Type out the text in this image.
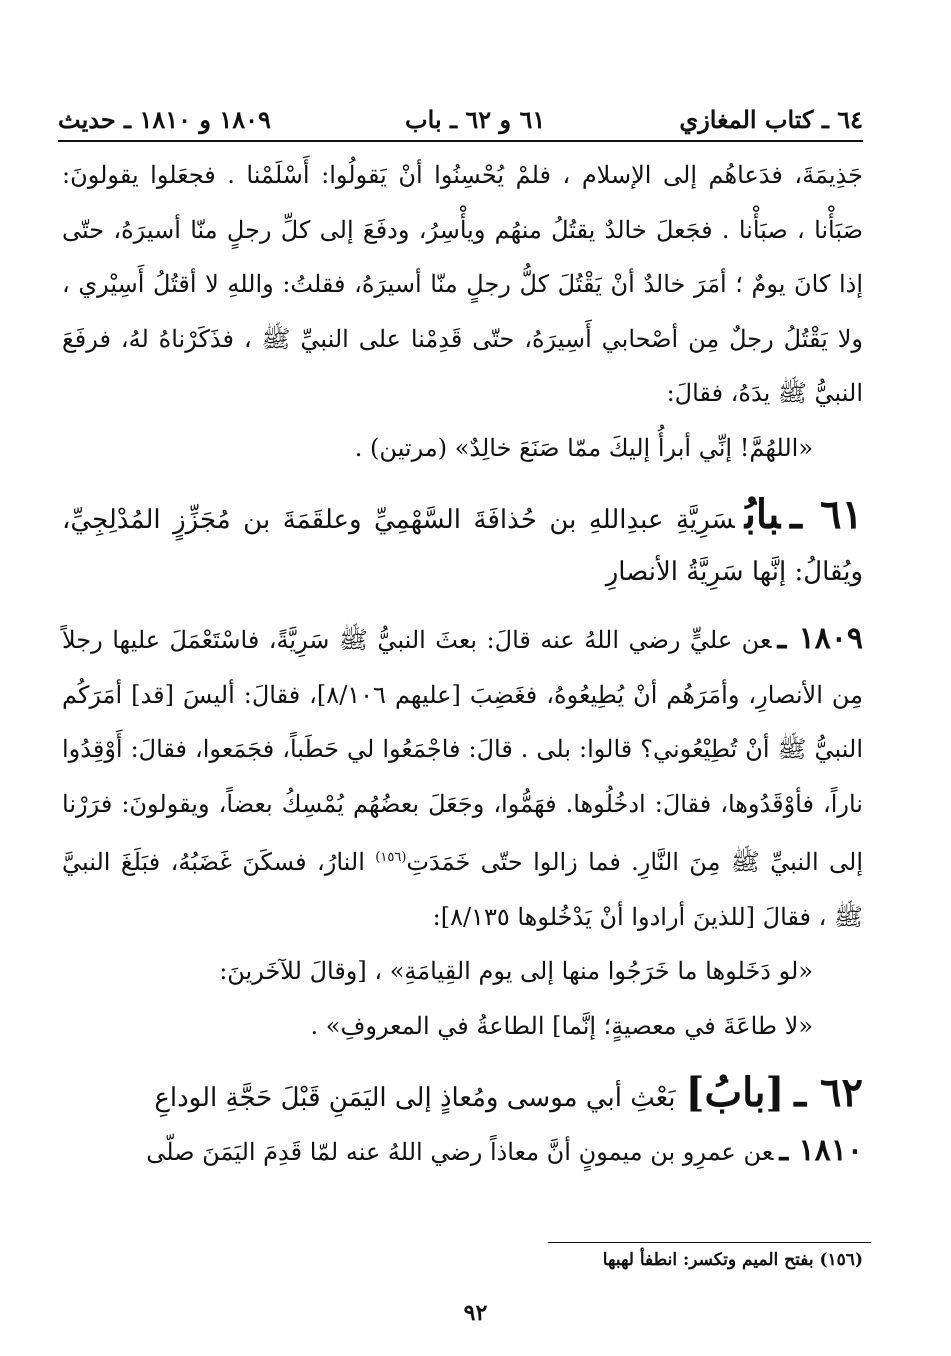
٦٤ ـ كتاب المغازي
٦١ و ٦٢ ـ باب
١٨٠٩ و ١٨١٠ ـ حديث

جَذِيمَةَ، فدَعاهُم إلى الإسلام ، فلمْ يُحْسِنُوا أنْ يَقولُوا: أَسْلَمْنا . فجعَلوا يقولونَ: صَبَأْنا ، صبَأْنا . فجَعلَ خالدٌ يقتُلُ منهُم ويأْسِرُ، ودفَعَ إلى كلِّ رجلٍ منّا أسيرَهُ، حتّى إذا كانَ يومٌ ؛ أمَرَ خالدٌ أنْ يَقْتُلَ كلُّ رجلٍ منّا أسيرَهُ، فقلتُ: واللهِ لا أقتُلُ أَسِيْري ، ولا يَقْتُلُ رجلٌ مِن أصْحابي أَسِيرَهُ، حتّى قَدِمْنا على النبيِّ ﷺ ، فذَكَرْناهُ لهُ، فرفَعَ النبيُّ ﷺ يدَهُ، فقالَ:

«اللهُمَّ! إنِّي أبرأُ إليكَ ممّا صَنَعَ خالِدٌ» (مرتين) .

٦١ ـبابُسَرِيَّةِ عبدِاللهِ بن حُذافَةَ السَّهْمِيِّ وعلقَمَةَ بن مُجَزِّزٍ المُدْلِجِيِّ، ويُقالُ: إنَّها سَرِيَّةُ الأنصارِ

١٨٠٩ ـعن عليٍّ رضي اللهُ عنه قالَ: بعثَ النبيُّ ﷺ سَرِيَّةً، فاسْتَعْمَلَ عليها رجلاً مِن الأنصارِ، وأمَرَهُم أنْ يُطِيعُوهُ، فغَضِبَ [عليهم ٨/١٠٦]، فقالَ: أليسَ [قد] أمَرَكُم النبيُّ ﷺ أنْ تُطِيْعُوني؟ قالوا: بلى . قالَ: فاجْمَعُوا لي حَطَباً، فجَمَعوا، فقالَ: أَوْقِدُوا ناراً، فأوْقَدُوها، فقالَ: ادخُلُوها. فهَمُّوا، وجَعَلَ بعضُهُم يُمْسِكُ بعضاً، ويقولونَ: فرَرْنا إلى النبيِّ ﷺ مِنَ النَّارِ. فما زالوا حتّى خَمَدَتِ$^{(١٥٦)}$ النارُ، فسكَنَ غَضَبُهُ، فبَلَغَ النبيَّ ﷺ ، فقالَ [للذينَ أرادوا أنْ يَدْخُلوها ٨/١٣٥]:

«لو دَخَلوها ما خَرَجُوا منها إلى يوم القِيامَةِ» ، [وقالَ للآخَرينَ:

«لا طاعَةَ في معصيةٍ؛ إنَّما] الطاعةُ في المعروفِ» .

٦٢ ـ[بابُ]بَعْثِ أبي موسى ومُعاذٍ إلى اليَمَنِ قَبْلَ حَجَّةِ الوداعِ

١٨١٠ ـعن عمرِو بن ميمونٍ أنَّ معاذاً رضي اللهُ عنه لمّا قَدِمَ اليَمَنَ صلّى

(١٥٦) بفتح الميم وتكسر: انطفأ لهبها
٩٢
